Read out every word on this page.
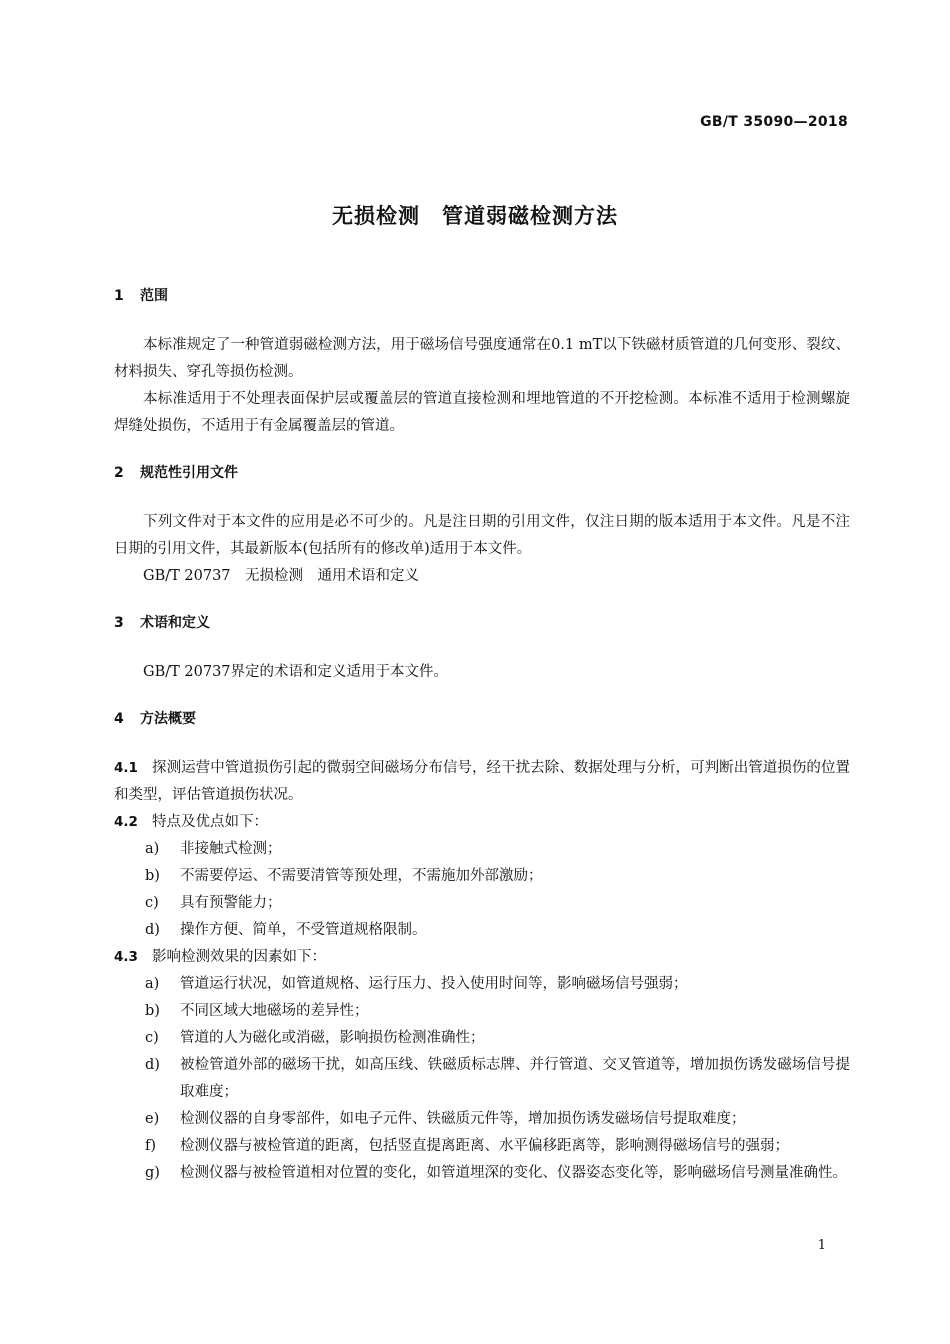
GB/T 35090—2018
无损检测　管道弱磁检测方法
1 范围

本标准规定了一种管道弱磁检测方法，用于磁场信号强度通常在0.1 mT以下铁磁材质管道的几何变形、裂纹、材料损失、穿孔等损伤检测。

本标准适用于不处理表面保护层或覆盖层的管道直接检测和埋地管道的不开挖检测。本标准不适用于检测螺旋焊缝处损伤，不适用于有金属覆盖层的管道。

2 规范性引用文件

下列文件对于本文件的应用是必不可少的。凡是注日期的引用文件，仅注日期的版本适用于本文件。凡是不注日期的引用文件，其最新版本(包括所有的修改单)适用于本文件。

GB/T 20737　无损检测　通用术语和定义

3 术语和定义

GB/T 20737界定的术语和定义适用于本文件。

4 方法概要

4.1 探测运营中管道损伤引起的微弱空间磁场分布信号，经干扰去除、数据处理与分析，可判断出管道损伤的位置和类型，评估管道损伤状况。

4.2 特点及优点如下：

a)	非接触式检测；
b)	不需要停运、不需要清管等预处理，不需施加外部激励；
c)	具有预警能力；
d)	操作方便、简单，不受管道规格限制。

4.3 影响检测效果的因素如下：

a)	管道运行状况，如管道规格、运行压力、投入使用时间等，影响磁场信号强弱；
b)	不同区域大地磁场的差异性；
c)	管道的人为磁化或消磁，影响损伤检测准确性；
d)	被检管道外部的磁场干扰，如高压线、铁磁质标志牌、并行管道、交叉管道等，增加损伤诱发磁场信号提取难度；
e)	检测仪器的自身零部件，如电子元件、铁磁质元件等，增加损伤诱发磁场信号提取难度；
f)	检测仪器与被检管道的距离，包括竖直提离距离、水平偏移距离等，影响测得磁场信号的强弱；
g)	检测仪器与被检管道相对位置的变化，如管道埋深的变化、仪器姿态变化等，影响磁场信号测量准确性。
1
